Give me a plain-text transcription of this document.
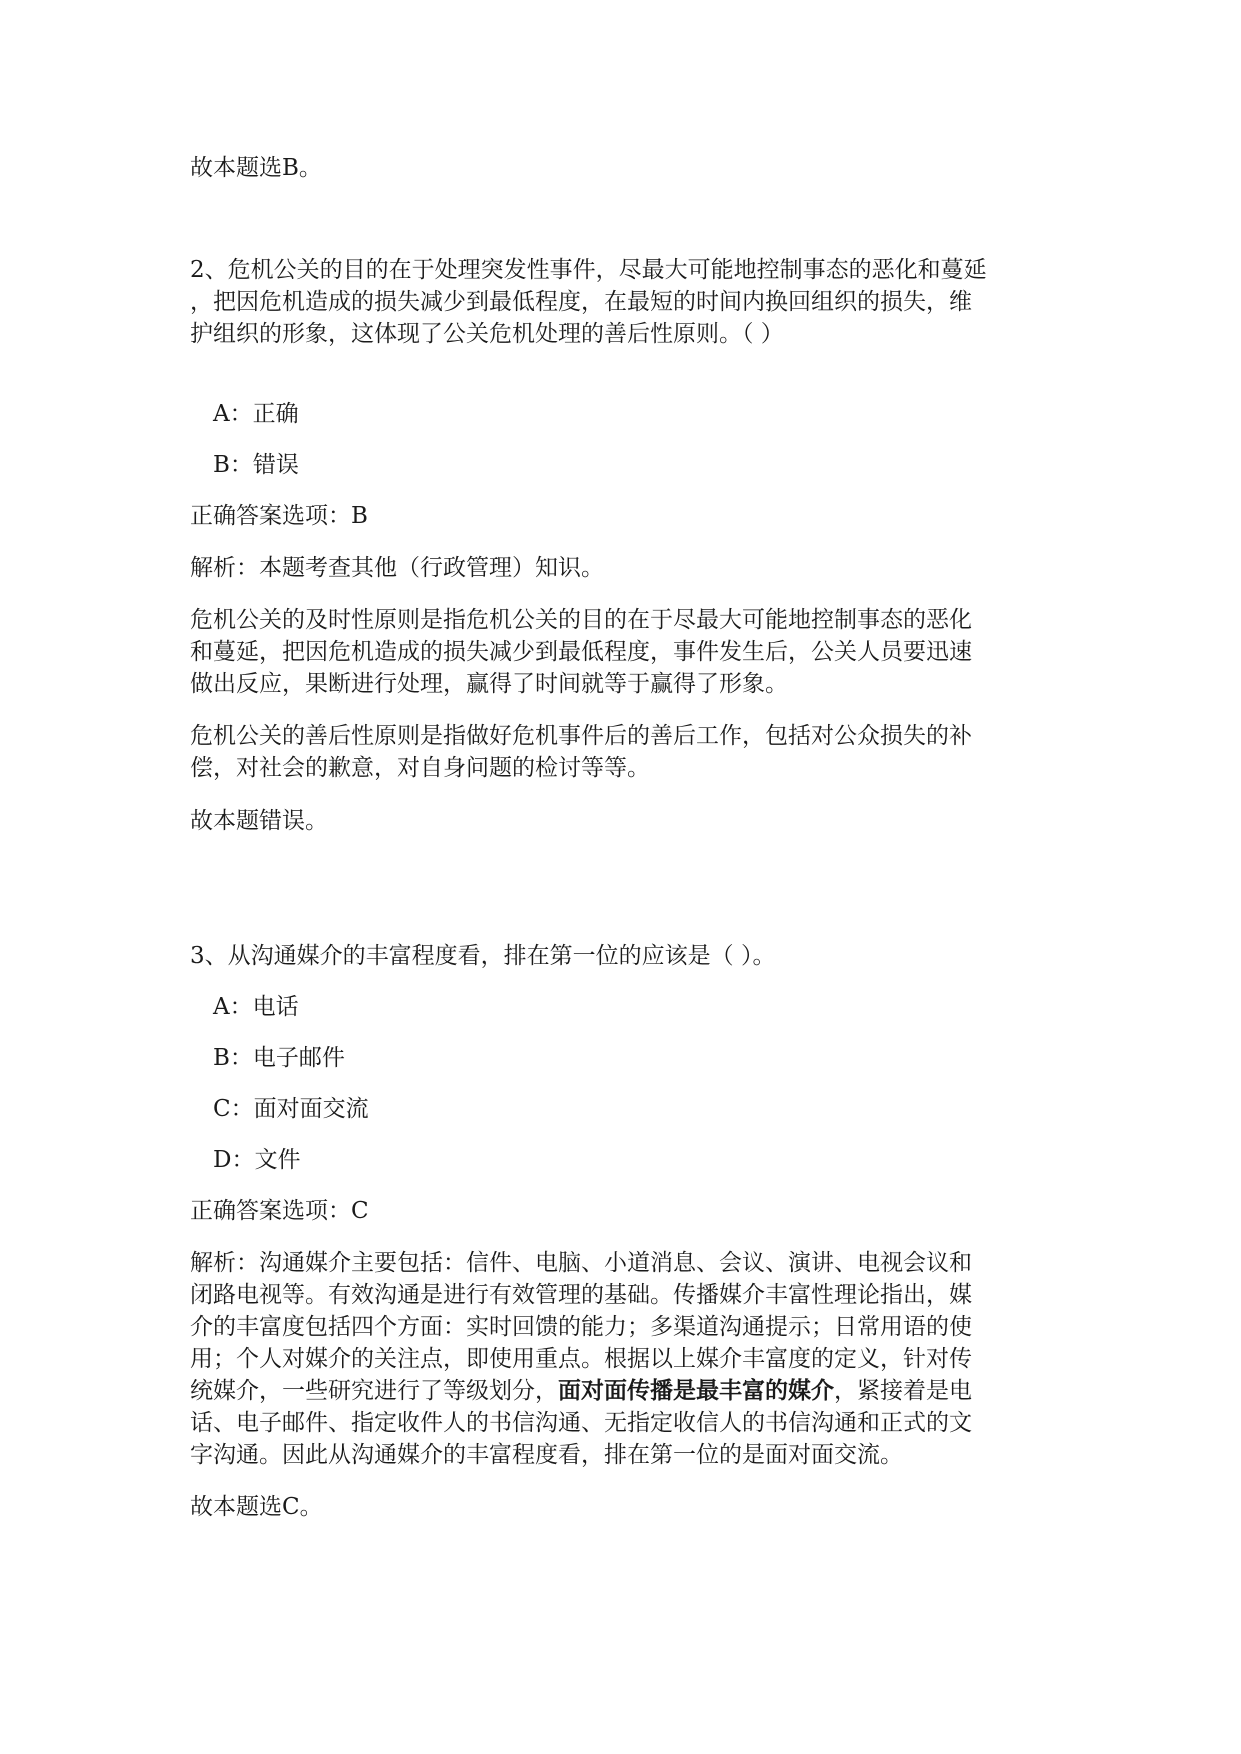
故本题选B。

2、危机公关的目的在于处理突发性事件，尽最大可能地控制事态的恶化和蔓延

，把因危机造成的损失减少到最低程度，在最短的时间内换回组织的损失，维

护组织的形象，这体现了公关危机处理的善后性原则。（ ）

A：正确

B：错误

正确答案选项：B

解析：本题考查其他（行政管理）知识。

危机公关的及时性原则是指危机公关的目的在于尽最大可能地控制事态的恶化

和蔓延，把因危机造成的损失减少到最低程度，事件发生后，公关人员要迅速

做出反应，果断进行处理，赢得了时间就等于赢得了形象。

危机公关的善后性原则是指做好危机事件后的善后工作，包括对公众损失的补

偿，对社会的歉意，对自身问题的检讨等等。

故本题错误。

3、从沟通媒介的丰富程度看，排在第一位的应该是（ ）。

A：电话

B：电子邮件

C：面对面交流

D：文件

正确答案选项：C

解析：沟通媒介主要包括：信件、电脑、小道消息、会议、演讲、电视会议和

闭路电视等。有效沟通是进行有效管理的基础。传播媒介丰富性理论指出，媒

介的丰富度包括四个方面：实时回馈的能力；多渠道沟通提示；日常用语的使

用；个人对媒介的关注点，即使用重点。根据以上媒介丰富度的定义，针对传

统媒介，一些研究进行了等级划分，面对面传播是最丰富的媒介，紧接着是电

话、电子邮件、指定收件人的书信沟通、无指定收信人的书信沟通和正式的文

字沟通。因此从沟通媒介的丰富程度看，排在第一位的是面对面交流。

故本题选C。
